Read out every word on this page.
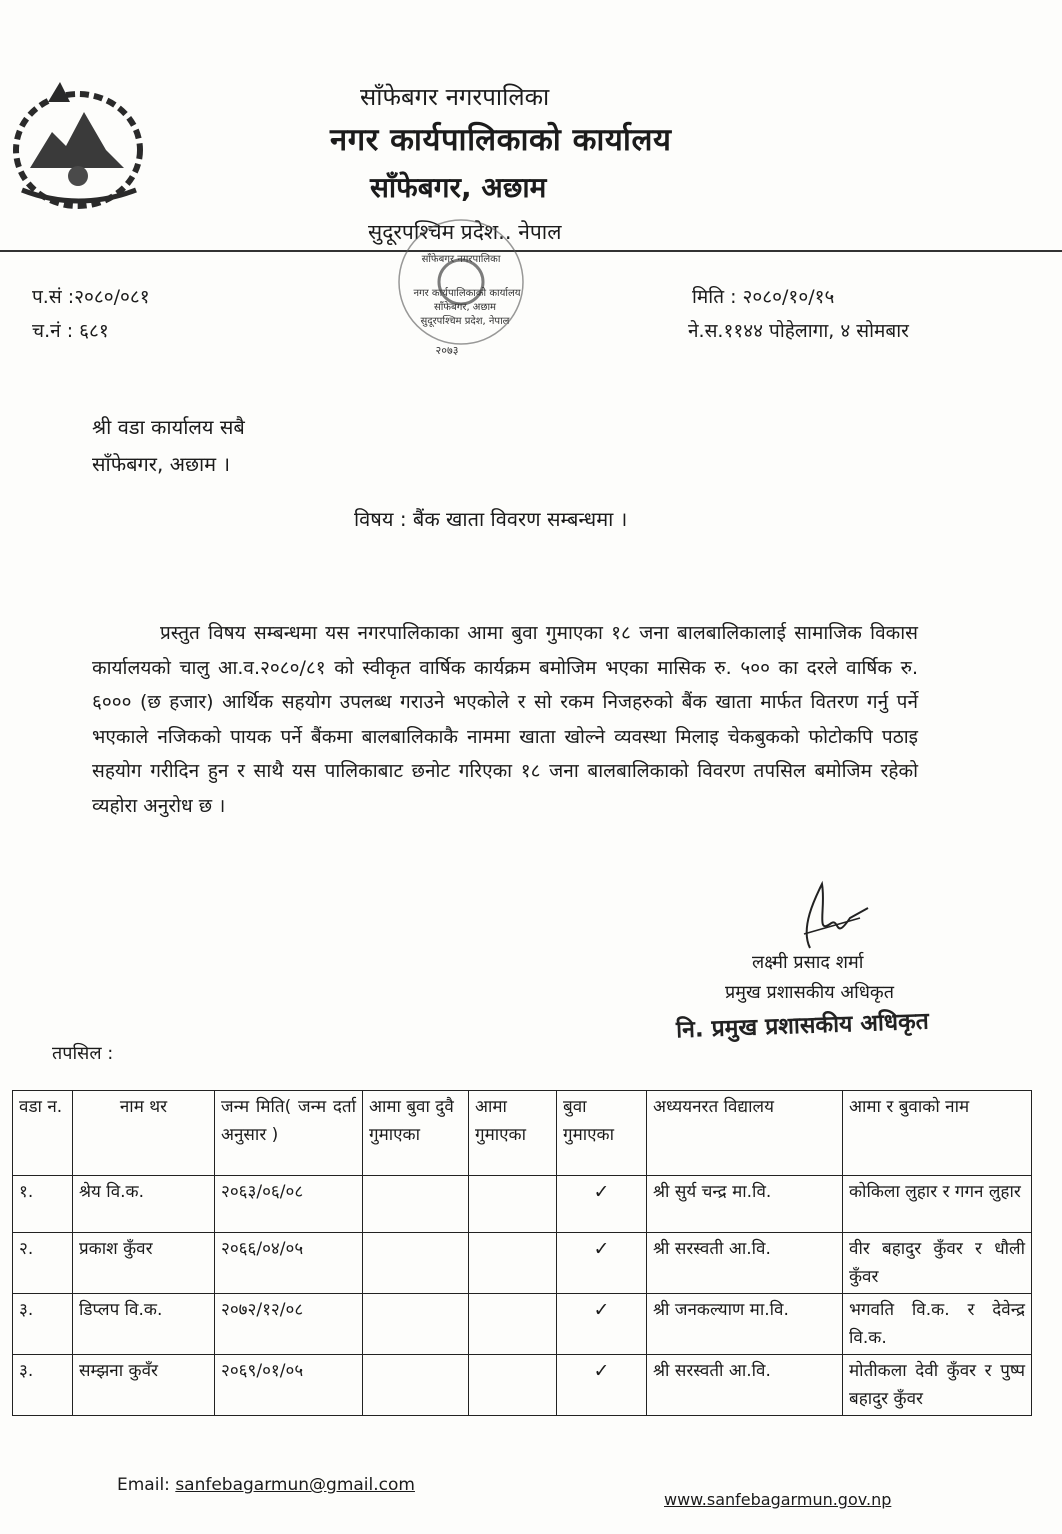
साँफेबगर नगरपालिका
नगर कार्यपालिकाको कार्यालय
साँफेबगर, अछाम
सुदूरपश्चिम प्रदेश.. नेपाल
साँफेबगर नगरपालिका
नगर कार्यपालिकाको कार्यालय
साँफेबगर, अछाम
सुदूरपश्चिम प्रदेश, नेपाल
२०७३
प.सं :२०८०/०८१
च.नं : ६८१
मिति : २०८०/१०/१५
ने.स.११४४ पोहेलागा, ४ सोमबार
श्री वडा कार्यालय सबै
साँफेबगर, अछाम ।
विषय : बैंक खाता विवरण सम्बन्धमा ।
प्रस्तुत विषय सम्बन्धमा यस नगरपालिकाका आमा बुवा गुमाएका १८ जना बालबालिकालाई सामाजिक विकास कार्यालयको चालु आ.व.२०८०/८१ को स्वीकृत वार्षिक कार्यक्रम बमोजिम भएका मासिक रु. ५०० का दरले वार्षिक रु. ६००० (छ हजार) आर्थिक सहयोग उपलब्ध गराउने भएकोले र सो रकम निजहरुको बैंक खाता मार्फत वितरण गर्नु पर्ने भएकाले नजिकको पायक पर्ने बैंकमा बालबालिकाकै नाममा खाता खोल्ने व्यवस्था मिलाइ चेकबुकको फोटोकपि पठाइ सहयोग गरीदिन हुन र साथै यस पालिकाबाट छनोट गरिएका १८ जना बालबालिकाको विवरण तपसिल बमोजिम रहेको व्यहोरा अनुरोध छ ।
लक्ष्मी प्रसाद शर्मा
प्रमुख प्रशासकीय अधिकृत
नि. प्रमुख प्रशासकीय अधिकृत
तपसिल :
वडा न.	नाम थर	जन्म मिति( जन्म दर्ता अनुसार )	आमा बुवा दुवै गुमाएका	आमा गुमाएका	बुवा गुमाएका	अध्ययनरत विद्यालय	आमा र बुवाको नाम
१.	श्रेय वि.क.	२०६३/०६/०८			✓	श्री सुर्य चन्द्र मा.वि.	कोकिला लुहार र गगन लुहार
२.	प्रकाश कुँवर	२०६६/०४/०५			✓	श्री सरस्वती आ.वि.	वीर बहादुर कुँवर र धौली कुँवर
३.	डिप्लप वि.क.	२०७२/१२/०८			✓	श्री जनकल्याण मा.वि.	भगवति वि.क. र देवेन्द्र वि.क.
३.	सम्झना कुवँर	२०६९/०१/०५			✓	श्री सरस्वती आ.वि.	मोतीकला देवी कुँवर र पुष्प बहादुर कुँवर
Email: sanfebagarmun@gmail.com
www.sanfebagarmun.gov.np
